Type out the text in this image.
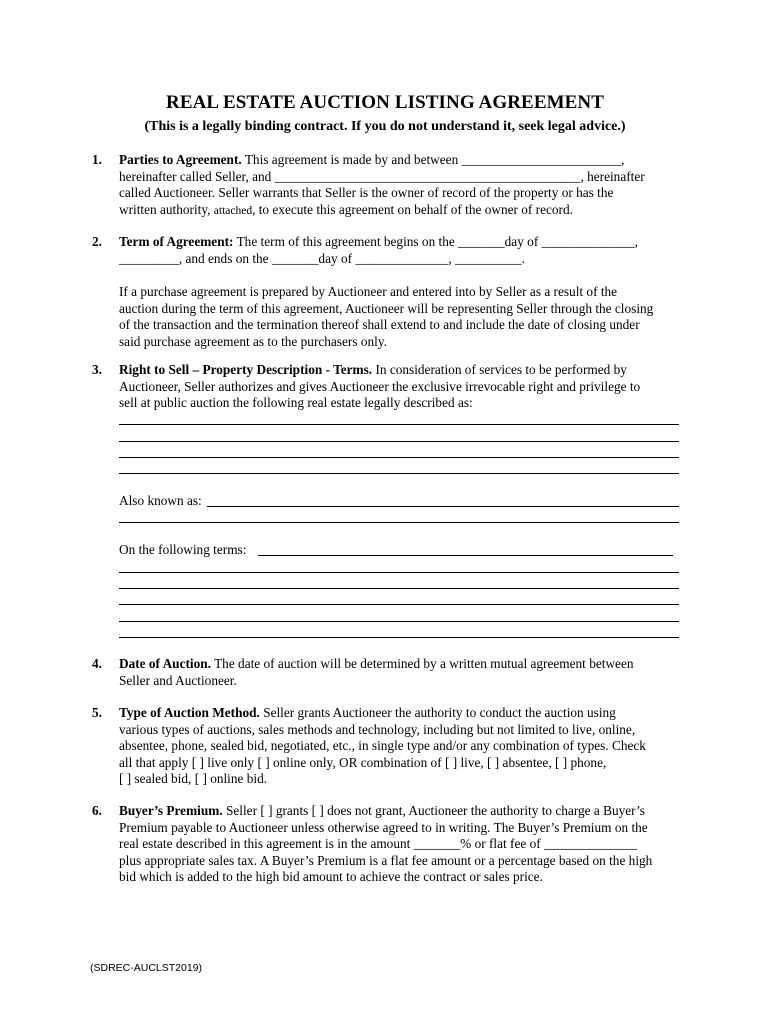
REAL ESTATE AUCTION LISTING AGREEMENT
(This is a legally binding contract. If you do not understand it, seek legal advice.)
1. Parties to Agreement. This agreement is made by and between ________________________,

hereinafter called Seller, and ______________________________________________, hereinafter

called Auctioneer. Seller warrants that Seller is the owner of record of the property or has the

written authority, attached, to execute this agreement on behalf of the owner of record.

2. Term of Agreement: The term of this agreement begins on the _______day of ______________,

_________, and ends on the _______day of ______________, __________.

If a purchase agreement is prepared by Auctioneer and entered into by Seller as a result of the

auction during the term of this agreement, Auctioneer will be representing Seller through the closing

of the transaction and the termination thereof shall extend to and include the date of closing under

said purchase agreement as to the purchasers only.

3. Right to Sell – Property Description - Terms. In consideration of services to be performed by

Auctioneer, Seller authorizes and gives Auctioneer the exclusive irrevocable right and privilege to

sell at public auction the following real estate legally described as:

Also known as:
On the following terms:
4. Date of Auction. The date of auction will be determined by a written mutual agreement between

Seller and Auctioneer.

5. Type of Auction Method. Seller grants Auctioneer the authority to conduct the auction using

various types of auctions, sales methods and technology, including but not limited to live, online,

absentee, phone, sealed bid, negotiated, etc., in single type and/or any combination of types. Check

all that apply [ ] live only [ ] online only, OR combination of [ ] live, [ ] absentee, [ ] phone,

[ ] sealed bid, [ ] online bid.

6. Buyer’s Premium. Seller [ ] grants [ ] does not grant, Auctioneer the authority to charge a Buyer’s

Premium payable to Auctioneer unless otherwise agreed to in writing. The Buyer’s Premium on the

real estate described in this agreement is in the amount _______% or flat fee of ______________

plus appropriate sales tax. A Buyer’s Premium is a flat fee amount or a percentage based on the high

bid which is added to the high bid amount to achieve the contract or sales price.

(SDREC-AUCLST2019)
